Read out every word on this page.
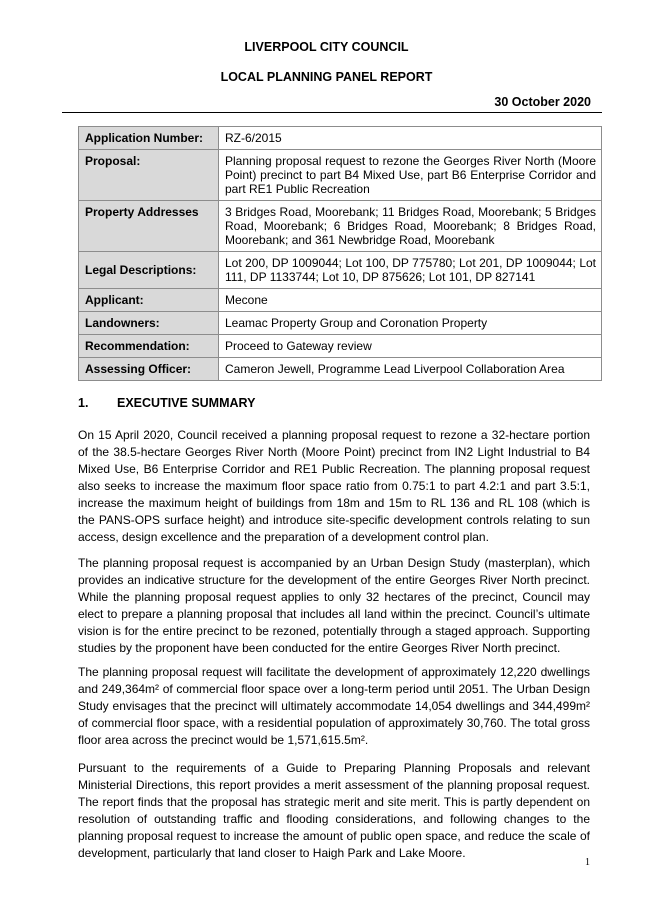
LIVERPOOL CITY COUNCIL
LOCAL PLANNING PANEL REPORT
30 October 2020
Application Number:	RZ-6/2015
Proposal:	Planning proposal request to rezone the Georges River North (Moore Point) precinct to part B4 Mixed Use, part B6 Enterprise Corridor and part RE1 Public Recreation
Property Addresses	3 Bridges Road, Moorebank; 11 Bridges Road, Moorebank; 5 Bridges Road, Moorebank; 6 Bridges Road, Moorebank; 8 Bridges Road, Moorebank; and 361 Newbridge Road, Moorebank
Legal Descriptions:	Lot 200, DP 1009044; Lot 100, DP 775780; Lot 201, DP 1009044; Lot 111, DP 1133744; Lot 10, DP 875626; Lot 101, DP 827141
Applicant:	Mecone
Landowners:	Leamac Property Group and Coronation Property
Recommendation:	Proceed to Gateway review
Assessing Officer:	Cameron Jewell, Programme Lead Liverpool Collaboration Area
1. EXECUTIVE SUMMARY

On 15 April 2020, Council received a planning proposal request to rezone a 32-hectare portion of the 38.5-hectare Georges River North (Moore Point) precinct from IN2 Light Industrial to B4 Mixed Use, B6 Enterprise Corridor and RE1 Public Recreation. The planning proposal request also seeks to increase the maximum floor space ratio from 0.75:1 to part 4.2:1 and part 3.5:1, increase the maximum height of buildings from 18m and 15m to RL 136 and RL 108 (which is the PANS-OPS surface height) and introduce site-specific development controls relating to sun access, design excellence and the preparation of a development control plan.

The planning proposal request is accompanied by an Urban Design Study (masterplan), which provides an indicative structure for the development of the entire Georges River North precinct. While the planning proposal request applies to only 32 hectares of the precinct, Council may elect to prepare a planning proposal that includes all land within the precinct. Council’s ultimate vision is for the entire precinct to be rezoned, potentially through a staged approach. Supporting studies by the proponent have been conducted for the entire Georges River North precinct.

The planning proposal request will facilitate the development of approximately 12,220 dwellings and 249,364m² of commercial floor space over a long-term period until 2051. The Urban Design Study envisages that the precinct will ultimately accommodate 14,054 dwellings and 344,499m² of commercial floor space, with a residential population of approximately 30,760. The total gross floor area across the precinct would be 1,571,615.5m².

Pursuant to the requirements of a Guide to Preparing Planning Proposals and relevant Ministerial Directions, this report provides a merit assessment of the planning proposal request. The report finds that the proposal has strategic merit and site merit. This is partly dependent on resolution of outstanding traffic and flooding considerations, and following changes to the planning proposal request to increase the amount of public open space, and reduce the scale of development, particularly that land closer to Haigh Park and Lake Moore.

1
